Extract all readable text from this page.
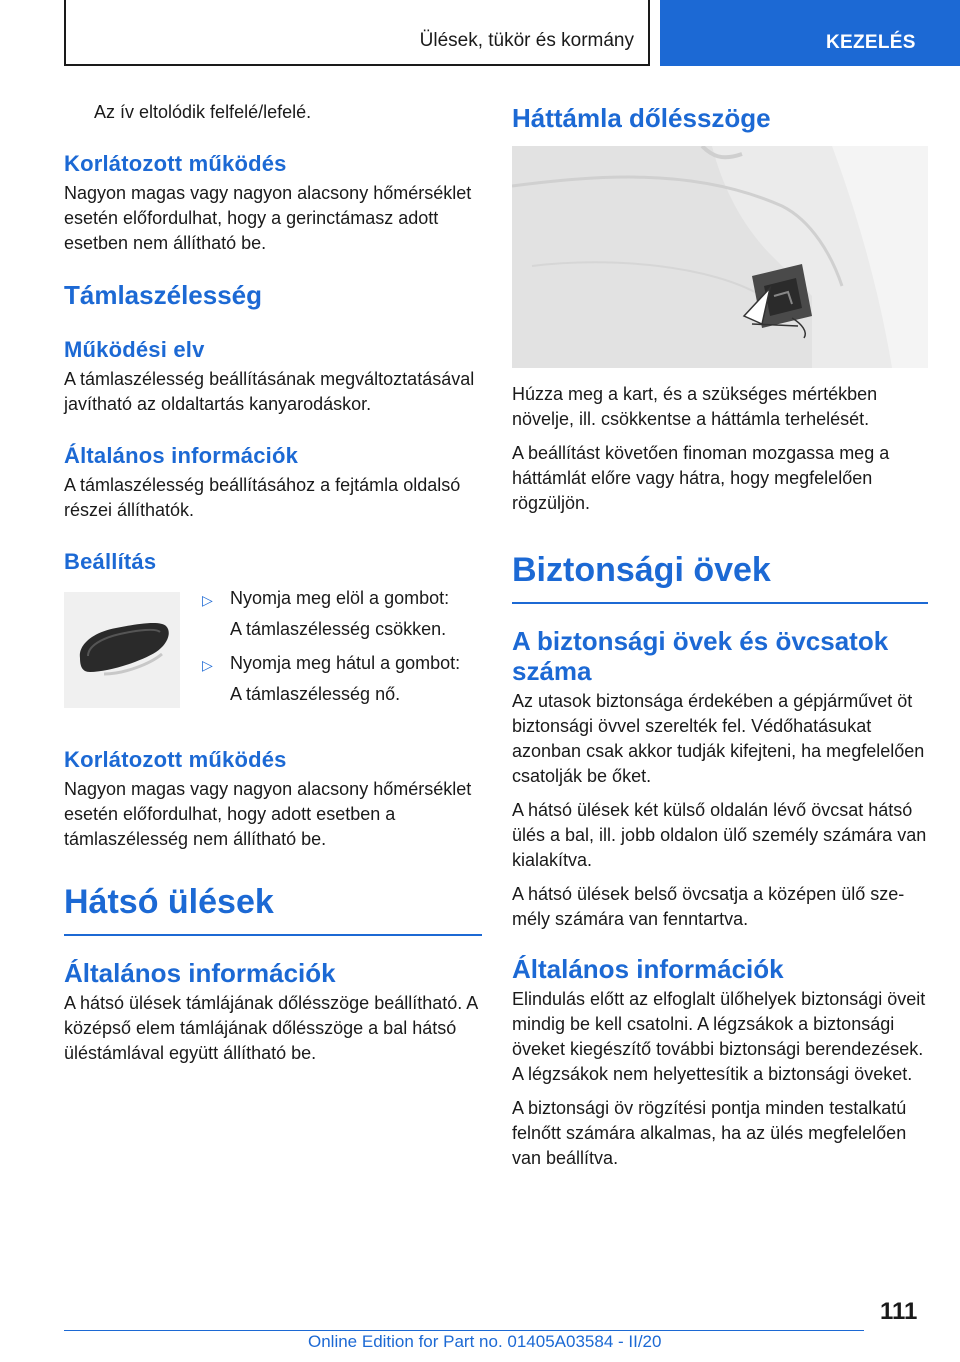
Ülések, tükör és kormány	KEZELÉS

Az ív eltolódik felfelé/lefelé.

Korlátozott működés

Nagyon magas vagy nagyon alacsony hőmérséklet esetén előfordulhat, hogy a gerinctámasz adott esetben nem állítható be.

Támlaszélesség
Működési elv

A támlaszélesség beállításának megváltoztatásával javítható az oldaltartás kanyarodáskor.

Általános információk

A támlaszélesség beállításához a fejtámla oldalsó részei állíthatók.

Beállítás
▷ Nyomja meg elöl a gombot:
A támlaszélesség csökken.
▷ Nyomja meg hátul a gombot:
A támlaszélesség nő.
Korlátozott működés

Nagyon magas vagy nagyon alacsony hőmérséklet esetén előfordulhat, hogy adott esetben a támlaszélesség nem állítható be.

Hátsó ülések
Általános információk

A hátsó ülések támlájának dőlésszöge beállítható. A középső elem támlájának dőlésszöge a bal hátsó üléstámlával együtt állítható be.

Háttámla dőlésszöge

Húzza meg a kart, és a szükséges mértékben növelje, ill. csökkentse a háttámla terhelését.

A beállítást követően finoman mozgassa meg a háttámlát előre vagy hátra, hogy megfelelően rögzüljön.

Biztonsági övek
A biztonsági övek és övcsatok száma

Az utasok biztonsága érdekében a gépjárművet öt biztonsági övvel szerelték fel. Védőhatásukat azonban csak akkor tudják kifejteni, ha megfelelően csatolják be őket.

A hátsó ülések két külső oldalán lévő övcsat hátsó ülés a bal, ill. jobb oldalon ülő személy számára van kialakítva.

A hátsó ülések belső övcsatja a középen ülő személy számára van fenntartva.

Általános információk

Elindulás előtt az elfoglalt ülőhelyek biztonsági öveit mindig be kell csatolni. A légzsákok a biztonsági öveket kiegészítő további biztonsági berendezések. A légzsákok nem helyettesítik a biztonsági öveket.

A biztonsági öv rögzítési pontja minden testalkatú felnőtt számára alkalmas, ha az ülés megfelelően van beállítva.

111
Online Edition for Part no. 01405A03584 - II/20
